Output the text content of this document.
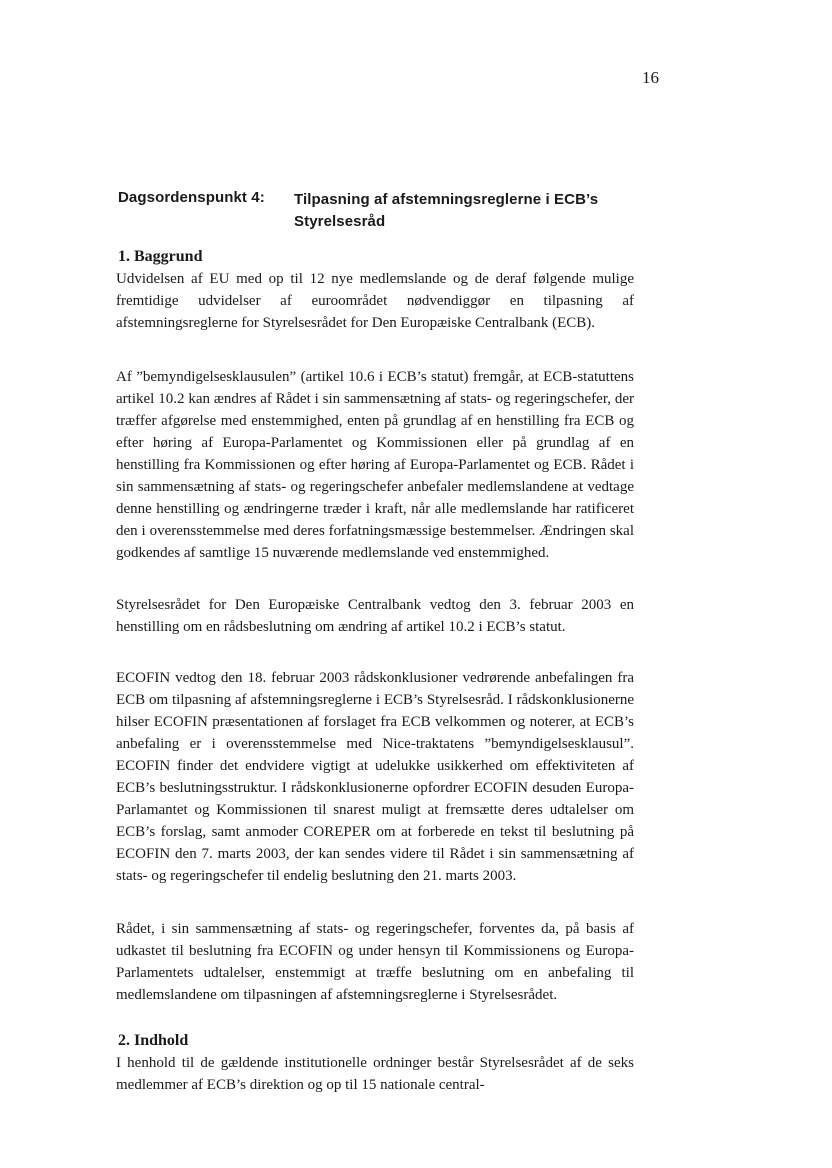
16
Dagsordenspunkt 4: Tilpasning af afstemningsreglerne i ECB’s Styrelsesråd
1. Baggrund
Udvidelsen af EU med op til 12 nye medlemslande og de deraf følgende mulige fremtidige udvidelser af euroområdet nødvendiggør en tilpasning af afstemningsreglerne for Styrelsesrådet for Den Europæiske Centralbank (ECB).
Af ”bemyndigelsesklausulen” (artikel 10.6 i ECB’s statut) fremgår, at ECB-statuttens artikel 10.2 kan ændres af Rådet i sin sammensætning af stats- og regeringschefer, der træffer afgørelse med enstemmighed, enten på grundlag af en henstilling fra ECB og efter høring af Europa-Parlamentet og Kommissionen eller på grundlag af en henstilling fra Kommissionen og efter høring af Europa-Parlamentet og ECB. Rådet i sin sammensætning af stats- og regeringschefer anbefaler medlemslandene at vedtage denne henstilling og ændringerne træder i kraft, når alle medlemslande har ratificeret den i overensstemmelse med deres forfatningsmæssige bestemmelser. Ændringen skal godkendes af samtlige 15 nuværende medlemslande ved enstemmighed.
Styrelsesrådet for Den Europæiske Centralbank vedtog den 3. februar 2003 en henstilling om en rådsbeslutning om ændring af artikel 10.2 i ECB’s statut.
ECOFIN vedtog den 18. februar 2003 rådskonklusioner vedrørende anbefalingen fra ECB om tilpasning af afstemningsreglerne i ECB’s Styrelsesråd. I rådskonklusionerne hilser ECOFIN præsentationen af forslaget fra ECB velkommen og noterer, at ECB’s anbefaling er i overensstemmelse med Nice-traktatens ”bemyndigelsesklausul”. ECOFIN finder det endvidere vigtigt at udelukke usikkerhed om effektiviteten af ECB’s beslutningsstruktur. I rådskonklusionerne opfordrer ECOFIN desuden Europa-Parlamantet og Kommissionen til snarest muligt at fremsætte deres udtalelser om ECB’s forslag, samt anmoder COREPER om at forberede en tekst til beslutning på ECOFIN den 7. marts 2003, der kan sendes videre til Rådet i sin sammensætning af stats- og regeringschefer til endelig beslutning den 21. marts 2003.
Rådet, i sin sammensætning af stats- og regeringschefer, forventes da, på basis af udkastet til beslutning fra ECOFIN og under hensyn til Kommissionens og Europa-Parlamentets udtalelser, enstemmigt at træffe beslutning om en anbefaling til medlemslandene om tilpasningen af afstemningsreglerne i Styrelsesrådet.
2. Indhold
I henhold til de gældende institutionelle ordninger består Styrelsesrådet af de seks medlemmer af ECB’s direktion og op til 15 nationale central-
